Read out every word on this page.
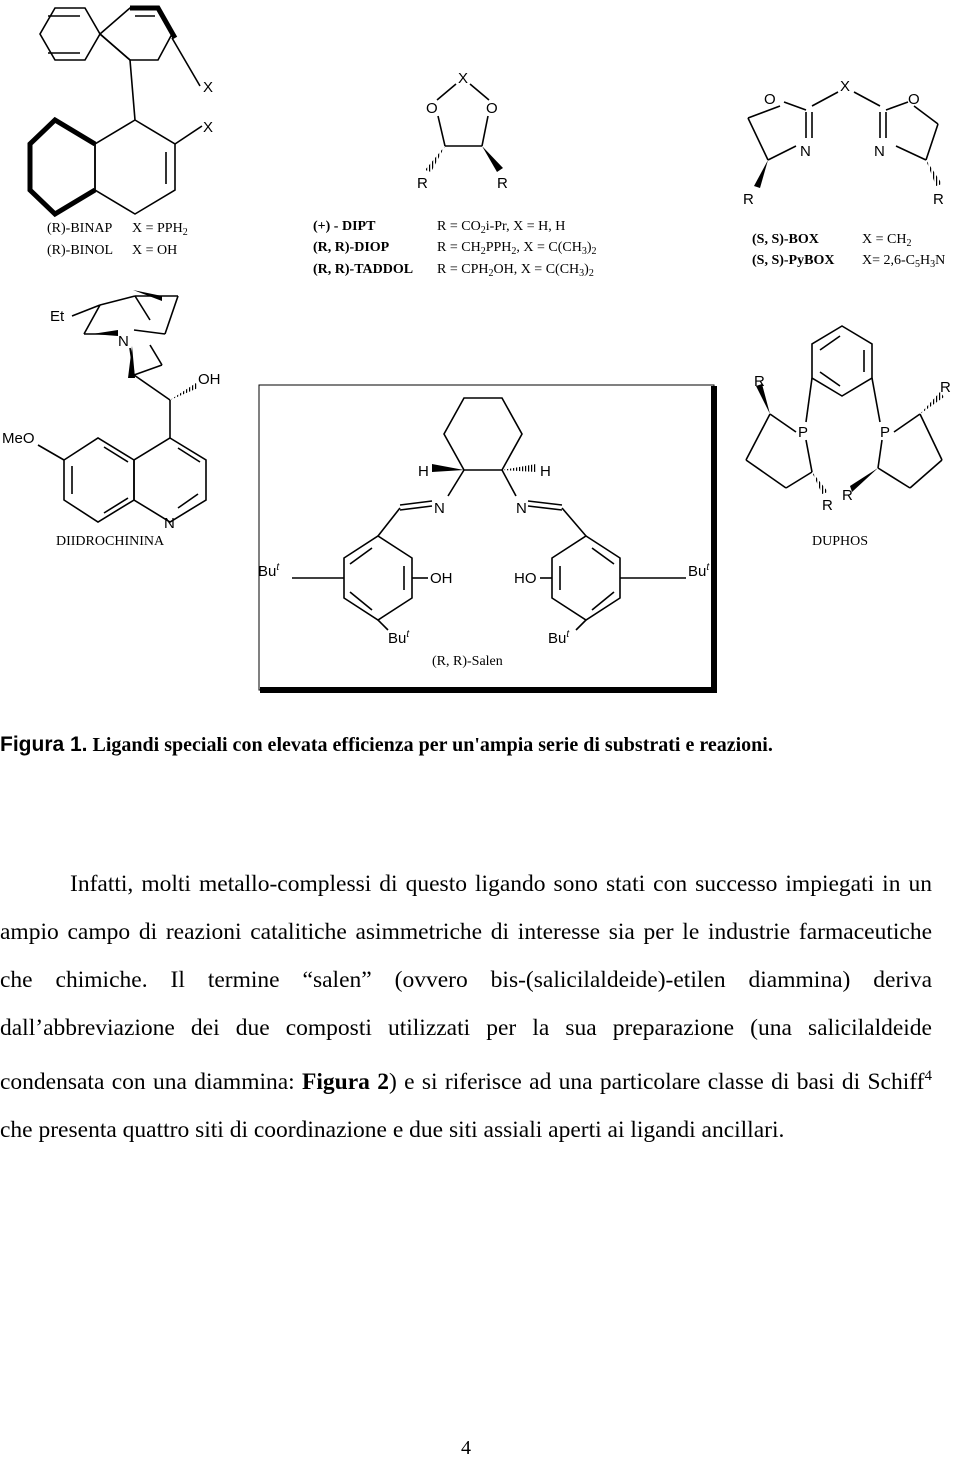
X
X
(R)-BINAP $X = PPH_2$
(R)-BINOL X = OH
X
O	O
R	R
(+) - DIPT	$R = CO_2i-Pr$, X = H, H
(R, R)-DIOP	$R = CH_2PPH_2$, $X = C(CH_3)_2$
(R, R)-TADDOL $R = CPH_2OH$, $X = C(CH_3)_2$
X
O	O
N	N
R	R
(S, S)-BOX	$X = CH_2$
(S, S)-PyBOX $X= 2,6-C_5H_3N$
Et
N
OH
MeO
N
DIIDROCHININA
H	H
N	N
Bu$^t$
OH	HO	Bu$^t$
Bu$^t$	Bu$^t$
(R, R)-Salen
R	R
P	P
R
R
DUPHOS
Figura 1. Ligandi speciali con elevata efficienza per un'ampia serie di substrati e reazioni.
Infatti, molti metallo-complessi di questo ligando sono stati con successo impiegati in un ampio campo di reazioni catalitiche asimmetriche di interesse sia per le industrie farmaceutiche che chimiche. Il termine “salen” (ovvero bis-(salicilaldeide)-etilen diammina) deriva dall’abbreviazione dei due composti utilizzati per la sua preparazione (una salicilaldeide condensata con una diammina: Figura 2) e si riferisce ad una particolare classe di basi di Schiff$^4$ che presenta quattro siti di coordinazione e due siti assiali aperti ai ligandi ancillari.
4
